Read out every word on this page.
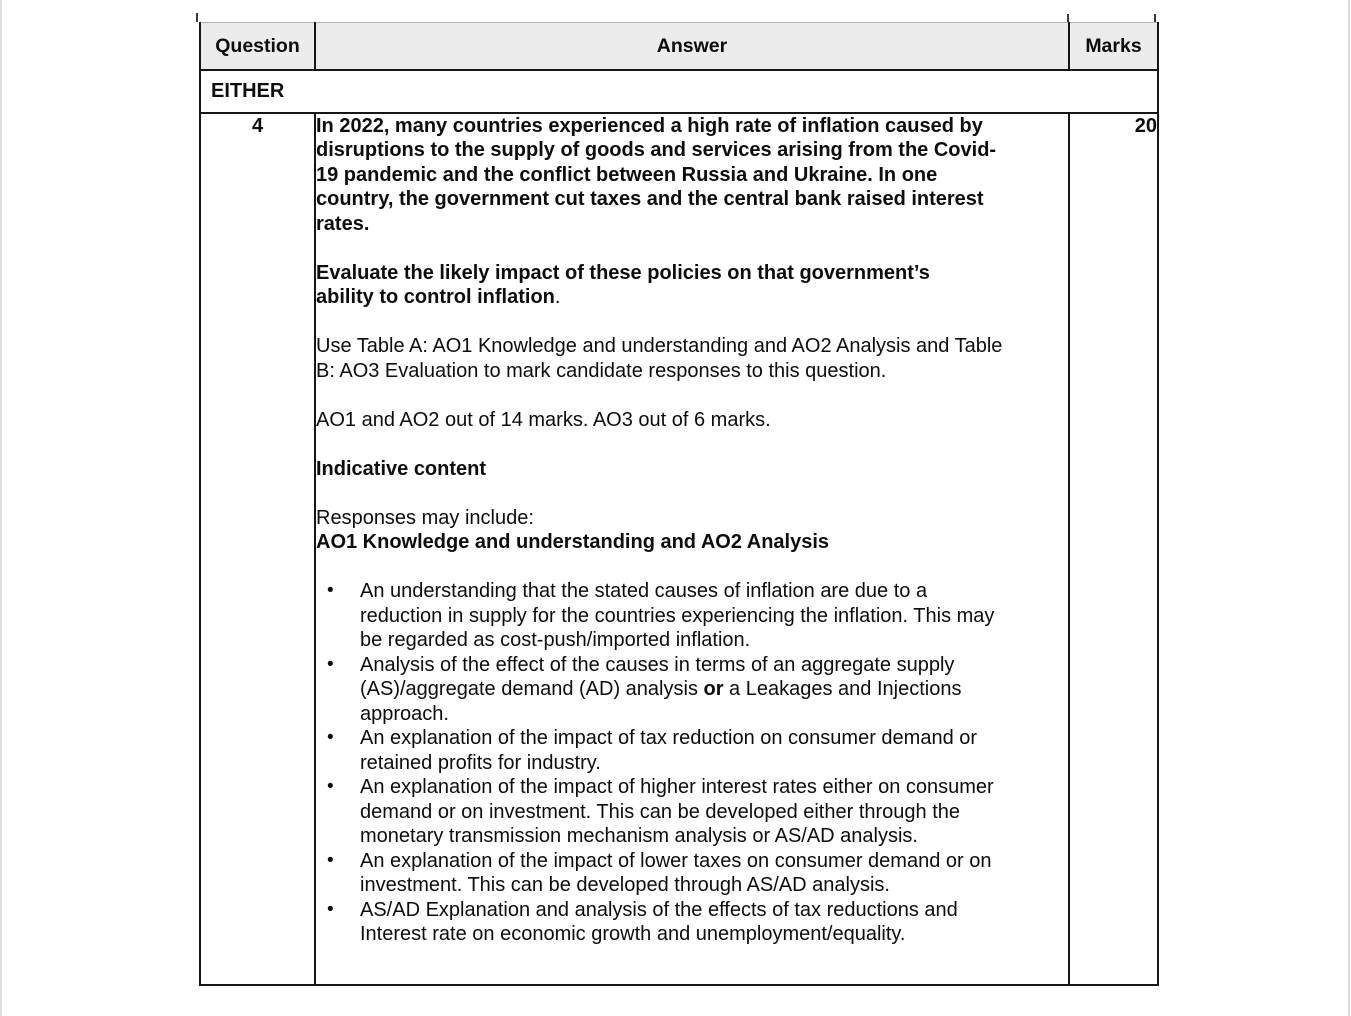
Question	Answer	Marks
EITHER		
4	In 2022, many countries experienced a high rate of inflation caused by
disruptions to the supply of goods and services arising from the Covid-
19 pandemic and the conflict between Russia and Ukraine. In one
country, the government cut taxes and the central bank raised interest
rates.
Evaluate the likely impact of these policies on that government’s
ability to control inflation.
Use Table A: AO1 Knowledge and understanding and AO2 Analysis and Table
B: AO3 Evaluation to mark candidate responses to this question.
AO1 and AO2 out of 14 marks. AO3 out of 6 marks.
Indicative content
Responses may include:
AO1 Knowledge and understanding and AO2 Analysis
• An understanding that the stated causes of inflation are due to a
reduction in supply for the countries experiencing the inflation. This may
be regarded as cost-push/imported inflation.
• Analysis of the effect of the causes in terms of an aggregate supply
(AS)/aggregate demand (AD) analysis or a Leakages and Injections
approach.
• An explanation of the impact of tax reduction on consumer demand or
retained profits for industry.
• An explanation of the impact of higher interest rates either on consumer
demand or on investment. This can be developed either through the
monetary transmission mechanism analysis or AS/AD analysis.
• An explanation of the impact of lower taxes on consumer demand or on
investment. This can be developed through AS/AD analysis.
• AS/AD Explanation and analysis of the effects of tax reductions and
Interest rate on economic growth and unemployment/equality.
	20
